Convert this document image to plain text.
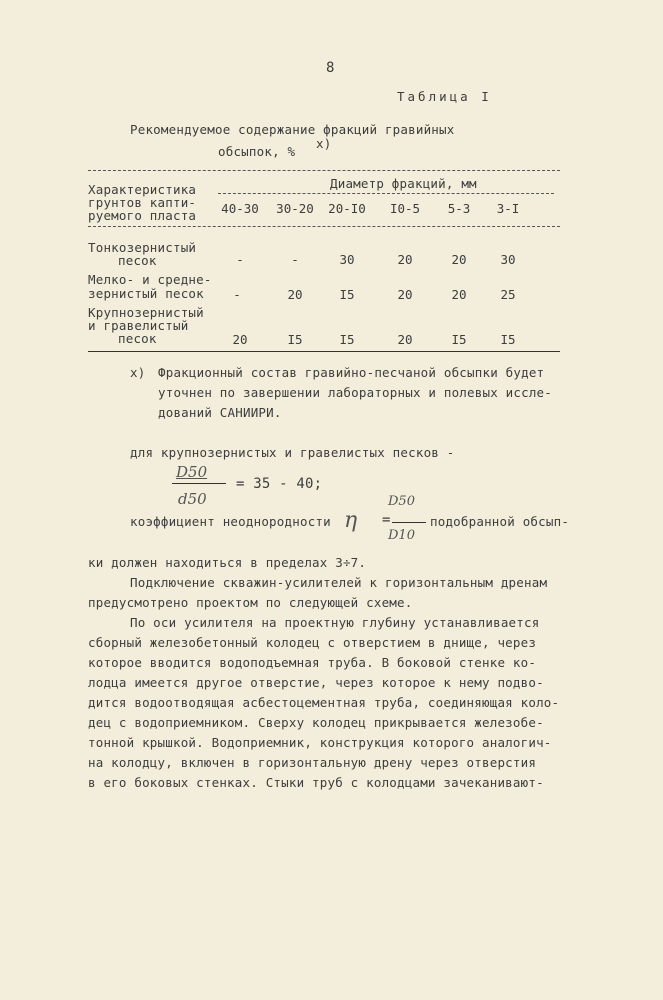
8
Таблица I
Рекомендуемое содержание фракций гравийных
обсыпок, %
x)
Характеристика
грунтов капти-
руемого пласта
Диаметр фракций, мм
40-30	30-20	20-I0	I0-5	5-3	3-I
Тонкозернистый
песок	-	-	30	20	20	30
Мелко- и средне-
зернистый песок	-	20	I5	20	20	25
Крупнозернистый
и гравелистый
песок	20	I5	I5	20	I5	I5
x) Фракционный состав гравийно-песчаной обсыпки будет
уточнен по завершении лабораторных и полевых иссле-
дований САНИИРИ.
для крупнозернистых и гравелистых песков -
D50
d50
= 35 - 40;
коэффициент неоднородности η =
D50
D10
подобранной обсып-
ки должен находиться в пределах 3÷7.
Подключение скважин-усилителей к горизонтальным дренам
предусмотрено проектом по следующей схеме.
По оси усилителя на проектную глубину устанавливается
сборный железобетонный колодец с отверстием в днище, через
которое вводится водоподъемная труба. В боковой стенке ко-
лодца имеется другое отверстие, через которое к нему подво-
дится водоотводящая асбестоцементная труба, соединяющая коло-
дец с водоприемником. Сверху колодец прикрывается железобе-
тонной крышкой. Водоприемник, конструкция которого аналогич-
на колодцу, включен в горизонтальную дрену через отверстия
в его боковых стенках. Стыки труб с колодцами зачеканивают-
